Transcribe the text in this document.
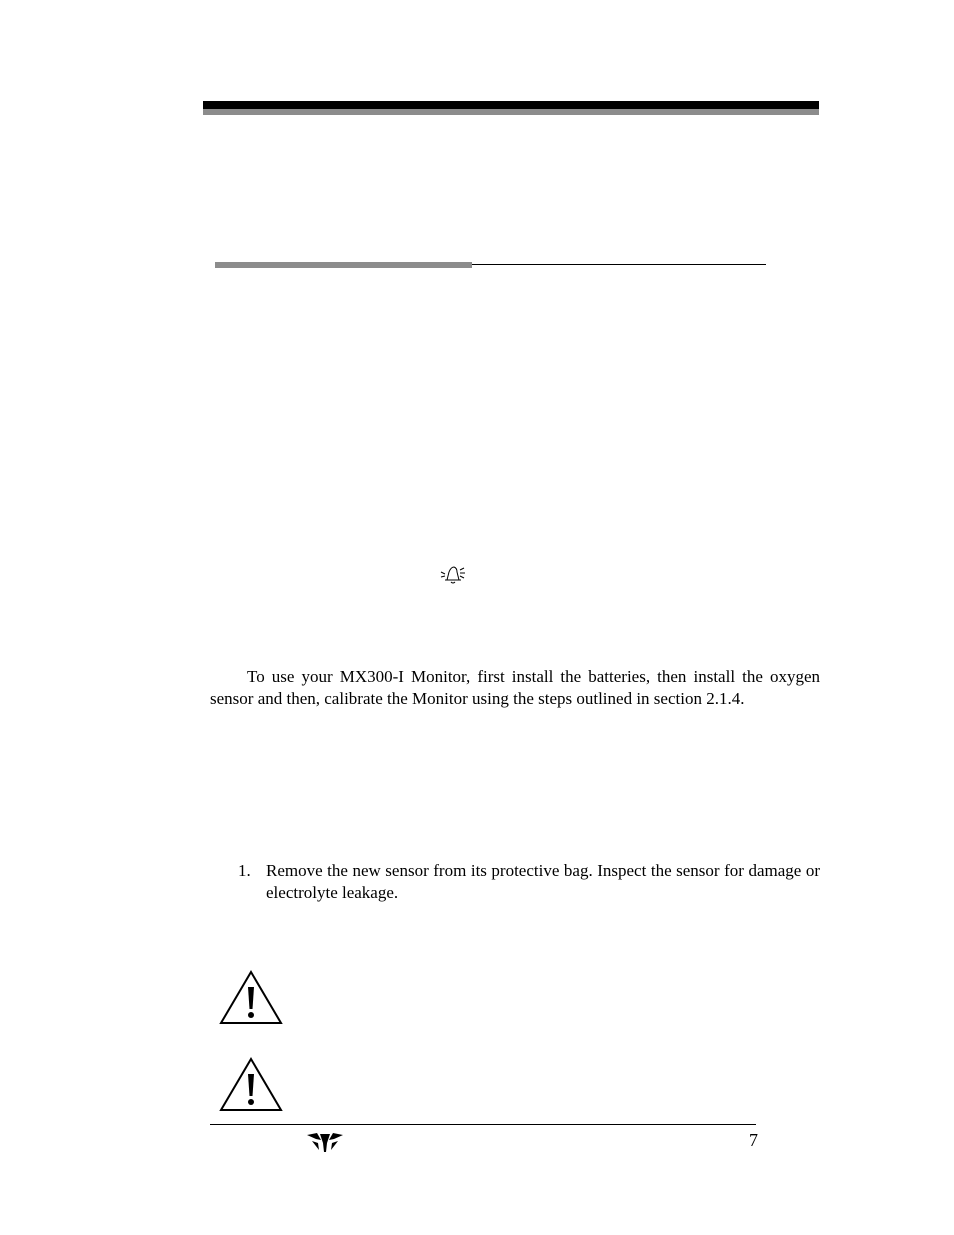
To use your MX300-I Monitor, first install the batteries, then install the oxygen sensor and then, calibrate the Monitor using the steps outlined in section 2.1.4.

1. Remove the new sensor from its protective bag. Inspect the sensor for damage or electrolyte leakage.
7
